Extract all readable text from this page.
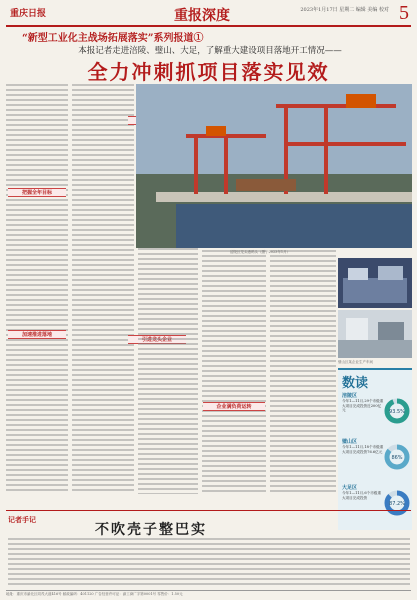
重庆日报	重报深度	2023年1月17日 星期二 编辑 美编 校对 5
“新型工业化主战场拓展落实”系列报道①
本报记者走进涪陵、璧山、大足，了解重大建设项目落地开工情况——
全力冲刺抓项目落实见效
把握全年目标
加速推进落地
引进龙头企业
企业满负荷运转
涪陵区龙头港码头（摄于2023年1月）
璧山区某企业生产车间
数读
涪陵区
今年1—11月,29个市级重大项目完成投资近200亿元	93.5%
璧山区
今年1—11月,18个市级重大项目完成投资76.6亿元
86%
大足区
今年1—11月,6个市级重大项目完成投资
87.2%
记者手记
不吹壳子整巴实
地址：重庆市渝北区同茂大道416号 邮政编码：401120 广告经营许可证：渝工商广字第0001号 零售价：1.50元
